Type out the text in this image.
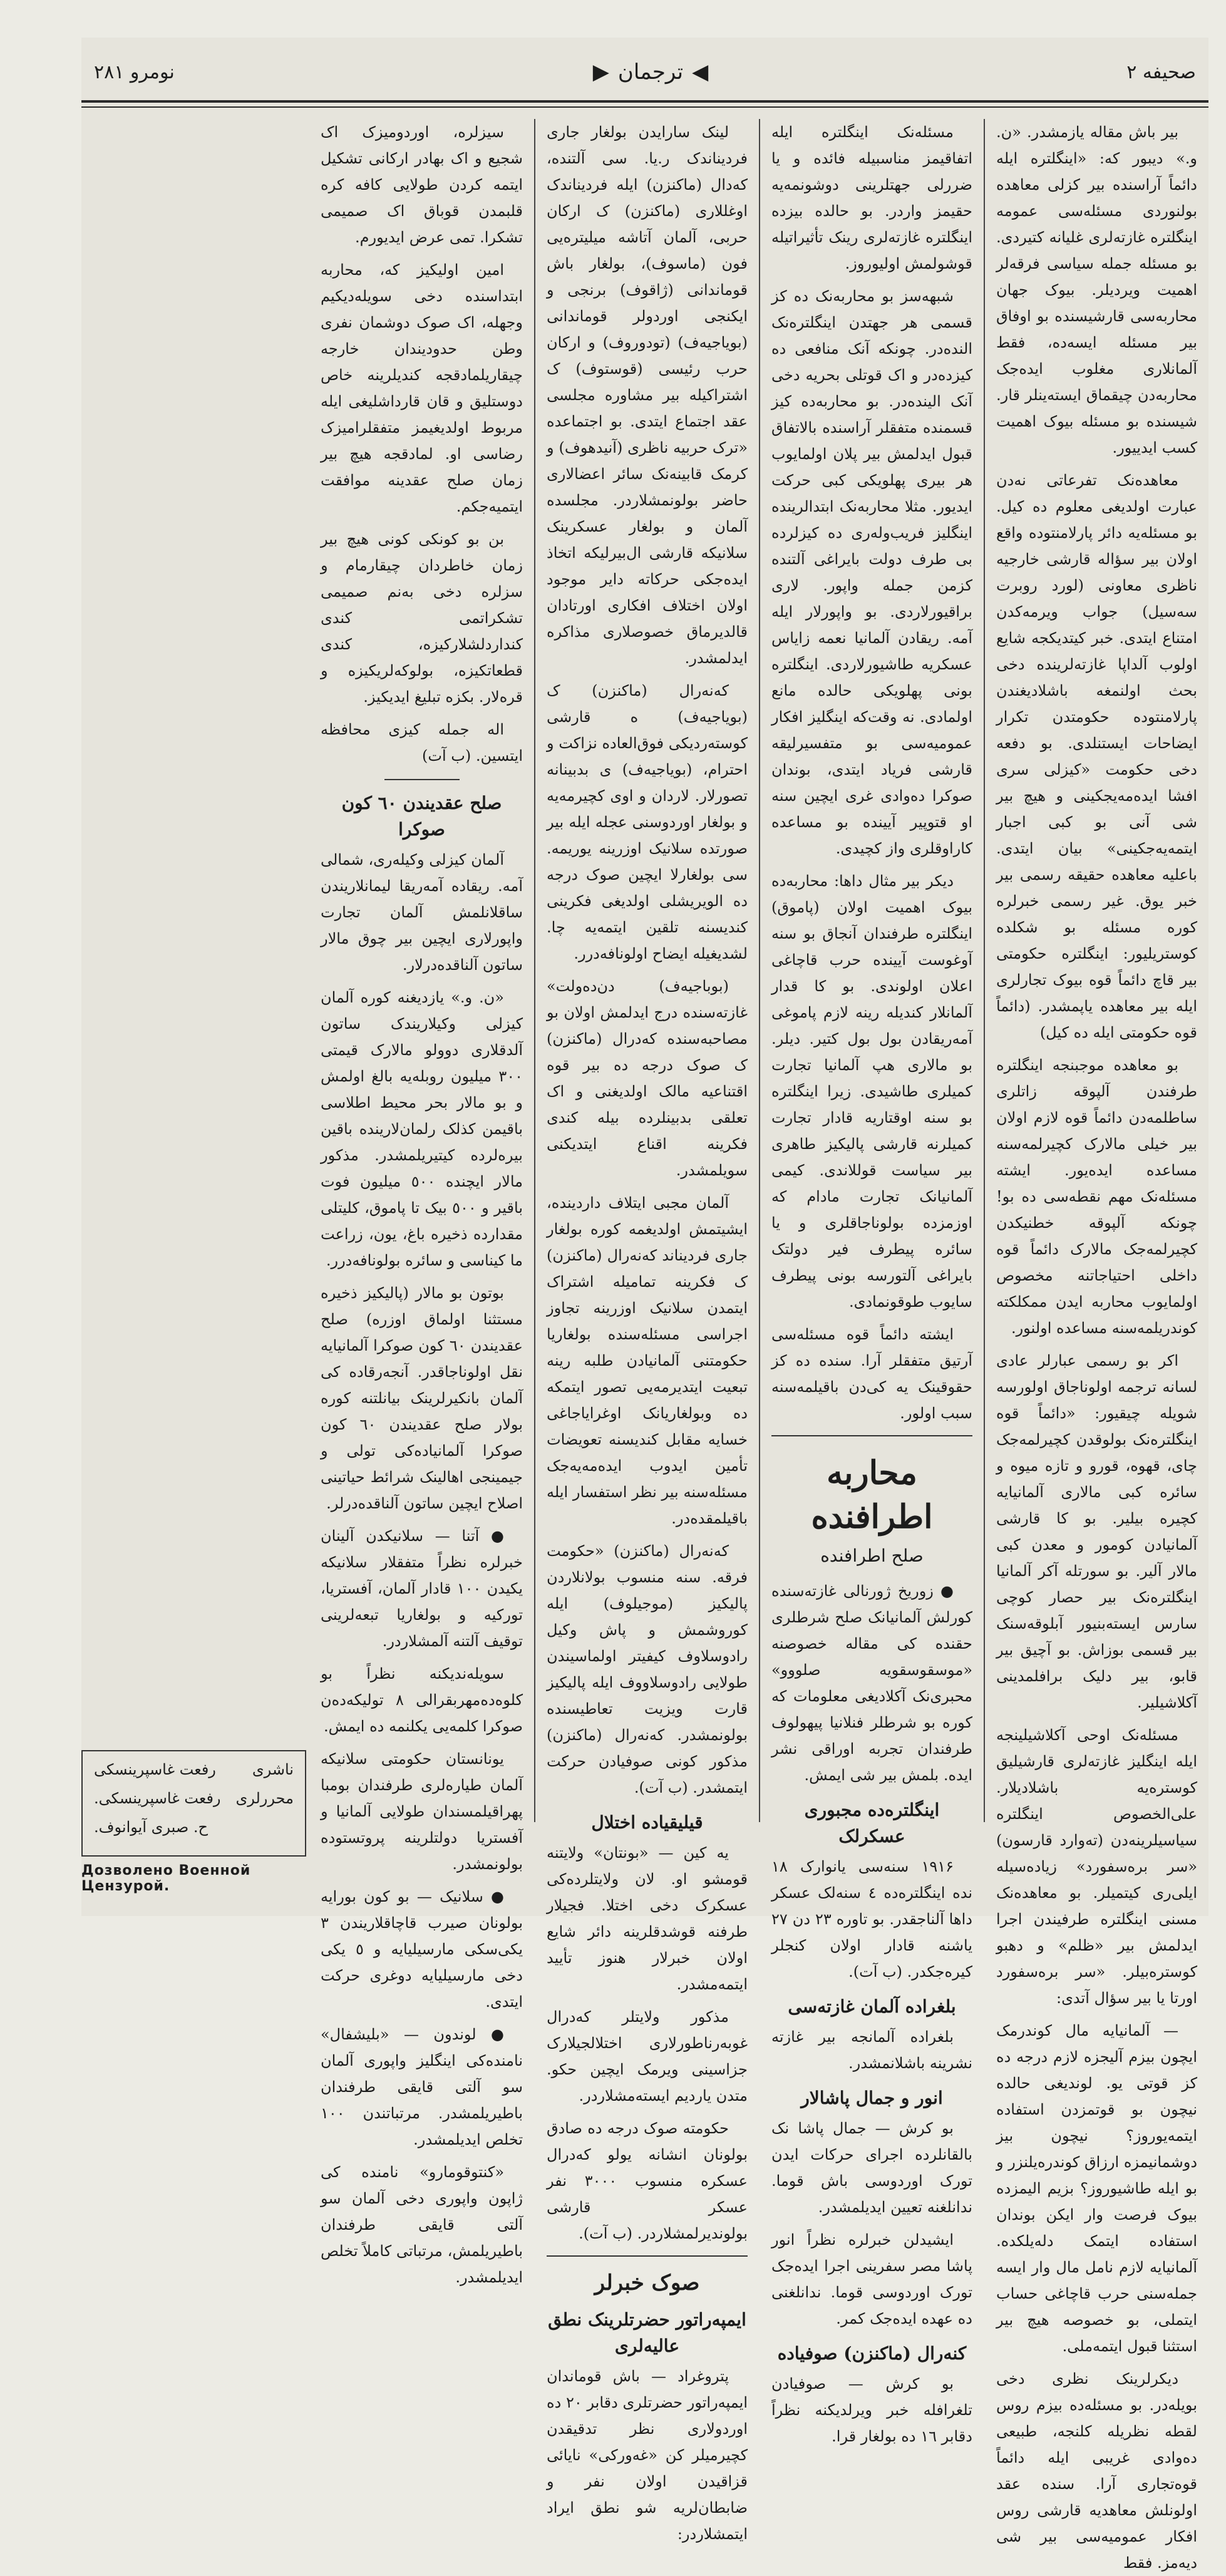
صحیفه ۲
◀
ترجمان
▶
نومرو ۲۸۱

بیر باش مقاله یازمشدر. «ن. و.» دیبور که: «اینگلتره ایله دائماً آراسنده بیر کزلی معاهده بولنوردی مسئله‌سی عمومه اینگلتره غازته‌لری غلیانه کتیردی. بو مسئله جمله سیاسی فرقه‌لر اهمیت ویردیلر. بیوک جهان محاربه‌سی قارشیسنده بو اوفاق بیر مسئله ایسه‌ده، فقط آلمانلاری مغلوب ایده‌جک محاربه‌دن چیقماق ایسته‌ینلر قار. شیسنده بو مسئله بیوک اهمیت کسب ایدییور.

معاهده‌نک تفرعاتی نه‌دن عبارت اولدیغی معلوم ده کیل. بو مسئله‌یه دائر پارلامنتوده واقع اولان بیر سؤاله قارشی خارجیه ناظری معاونی (لورد روبرت سه‌سیل) جواب ویرمه‌کدن امتناع ایتدی. خبر کیتدیکجه شایع اولوب آلداپا غازته‌لرینده دخی بحث اولنمغه باشلادیغندن پارلامنتوده حکومتدن تکرار ایضاحات ایستنلدی. بو دفعه دخی حکومت «کیزلی سری افشا ایده‌مه‌یجکینی و هیچ بیر شی آنی بو کبی اجبار ایتمه‌یه‌جکینی» بیان ایتدی. باعلیه معاهده حقیقه رسمی بیر خبر یوق. غیر رسمی خبرلره کوره مسئله بو شکلده کوستریلیور: اینگلتره حکومتی بیر قاچ دائماً قوه بیوک تجارلری ایله بیر معاهده یاپمشدر. (دائماً قوه حکومتی ایله ده کیل)

بو معاهده موجبنجه اینگلتره طرفندن آلپوقه زاتلری ساطلمه‌دن دائماً قوه لازم اولان بیر خیلی مالارک کچیرلمه‌سنه مساعده ایده‌یور. ایشته مسئله‌نک مهم نقطه‌سی ده بو! چونکه آلپوقه خطنیکدن کچیرلمه‌جک مالارک دائماً قوه داخلی احتیاجاتنه مخصوص اولمایوب محاربه ایدن ممکلکته کوندریلمه‌سنه مساعده اولنور.

اکر بو رسمی عبارلر عادی لسانه ترجمه اولوناجاق اولورسه شویله چیقیور: «دائماً قوه اینگلتره‌نک بولوقدن کچیرلمه‌جک چای، قهوه، قورو و تازه میوه و سائره کبی مالاری آلمانیایه کچیره بیلیر. بو کا قارشی آلمانیادن کومور و معدن کبی مالار آلیر. بو سورتله آکر آلمانیا اینگلتره‌نک بیر حصار کوچی سارس ایسته‌بنیور آبلوقه‌سنک بیر قسمی بوزاش. بو آچیق بیر قابو، بیر دلیک برافلمدینی آکلاشیلیر.

مسئله‌نک اوحی آکلاشیلینجه ایله اینگلیز غازته‌لری قارشیلیق کوستره‌یه باشلادیلار. علی‌الخصوص اینگلتره سیاسیلرینه‌دن (ته‌وارد قارسون) «سر بره‌سفورد» زیاده‌سیله ایلی‌ری کیتمیلر. بو معاهده‌نک مسنی اینگلتره طرفیندن اجرا ایدلمش بیر «ظلم» و دهبو کوستره‌بیلر. «سر بره‌سفورد اورتا یا بیر سؤال آتدی:

— آلمانیایه مال کوندرمک ایچون بیزم آلیجزه لازم درجه ده کز قوتی یو. لوندیغی حالده نیچون بو قوتمزدن استفاده ایتمه‌یوروز؟ نیچون بیز دوشمانیمزه ارزاق کوندره‌یلنزر و بو ایله طاشیوروز؟ بزیم الیمزده بیوک فرصت وار ایکن بوندان استفاده ایتمک دله‌یلکده. آلمانیایه لازم نامل مال وار ایسه جمله‌سنی حرب قاچاغی حساب ایتملی، بو خصوصه هیچ بیر استثنا قبول ایتمه‌ملی.

دیکرلرینک نظری دخی بویله‌در. بو مسئله‌ده بیزم روس لقطه نظریله کلنجه، طبیعی ده‌وادی غریبی ایله دائماً قوه‌تجاری آرا. سنده عقد اولونلش معاهدیه قارشی روس افکار عمومیه‌سی بیر شی دیه‌مز. فقط

مسئله‌نک اینگلتره ایله اتفاقیمز مناسبیله فائده و یا ضررلی جهتلرینی دوشونمه‌یه حقیمز واردر. بو حالده بیزده اینگلتره غازته‌لری رینک تأثیراتیله قوشولمش اولیوروز.

شبهه‌سز بو محاربه‌نک ده کز قسمی هر جهتدن اینگلتره‌نک النده‌در. چونکه آنک منافعی ده کیزده‌در و اک قوتلی بحریه دخی آنک الینده‌در. بو محاربه‌ده کیز قسمنده متفقلر آراسنده بالاتفاق قبول ایدلمش بیر پلان اولمایوب هر بیری پهلویکی کبی حرکت ایدیور. مثلا محاربه‌نک ابتدالرینده اینگلیز فریب‌وله‌ری ده کیزلرده بی طرف دولت بایراغی آلتنده کزمن جمله واپور. لاری براقیورلاردی. بو واپورلار ایله آمه. ریقادن آلمانیا نعمه زایاس عسکریه طاشیورلاردی. اینگلتره بونی پهلویکی حالده مانع اولمادی. نه وقت‌که اینگلیز افکار عمومیه‌سی بو متفسیرلیقه قارشی فریاد ایتدی، بوندان صوکرا ده‌وادی غری ایچین سنه او قتوپیر آیینده بو مساعده کاراوقلری واز کچیدی.

دیکر بیر مثال داها: محاربه‌ده بیوک اهمیت اولان (پاموق) اینگلتره طرفندان آنجاق بو سنه آوغوست آیینده حرب قاچاغی اعلان اولوندی. بو کا قدار آلمانلار کندیله رینه لازم پاموغی آمه‌ریقادن بول بول کتیر. دیلر. بو مالاری هپ آلمانیا تجارت کمیلری طاشیدی. زیرا اینگلتره بو سنه اوقتاریه قادار تجارت کمیلرنه قارشی پالیکیز طاهری بیر سیاست قوللاندی. کیمی آلمانیانک تجارت مادام که اوزمزده بولوناجاقلری و یا سائره پیطرف فیر دولتک بایراغی آلتورسه بونی پیطرف سایوب طوقونمادی.

ایشته دائماً قوه مسئله‌سی آرتیق متفقلر آرا. سنده ده کز حقوقینک یه کی‌دن باقیلمه‌سنه سبب اولور.

محاربه اطرافنده
صلح اطرافنده

● زوریخ ژورنالی غازته‌سنده کورلش آلمانیانک صلح شرطلری حقنده کی مقاله خصوصنه «موسقوسقویه صلووو» محبری‌نک آکلادیغی معلومات که کوره بو شرطلر فنلانیا پیهولوف طرفندان تجربه اوراقی نشر ایده. بلمش بیر شی ایمش.

اینگلتره‌ده مجبوری عسکرلک

۱۹۱۶ سنه‌سی یانوارک ۱۸ نده اینگلتره‌ده ٤ سنه‌لک عسکر داها آلناجقدر. بو تاوره ٢٣ دن ٢٧ یاشنه قادار اولان کنجلر کیره‌جکدر. (ب آت).

بلغراده آلمان غازته‌سی

بلغراده آلمانجه بیر غازته نشرینه باشلانمشدر.

انور و جمال پاشالار

بو کرش — جمال پاشا نک بالقانلرده اجرای حرکات ایدن تورک اوردوسی باش قوما. ندانلغنه تعیین ایدیلمشدر.

ایشیدلن خبرلره نظراً انور پاشا مصر سفرینی اجرا ایده‌جک تورک اوردوسی قوما. ندانلغنی ده عهده ایده‌جک کمر.

کنه‌رال (ماکنزن) صوفیاده

بو کرش — صوفیادن تلغرافله خبر ویرلدیکنه نظراً دقابر ۱٦ ده بولغار قرا.

لینک سارایدن بولغار جاری فردیناندک ر.یا. سی آلتنده، که‌دال (ماکنزن) ایله فردیناندک اوغللاری (ماکنزن) ک ارکان حربی، آلمان آتاشه میلیتره‌یی فون (ماسوف)، بولغار باش قوماندانی (ژاقوف) برنجی و ایکنجی اوردولر قوماندانی (بویاجیه‌ف) (تودوروف) و ارکان حرب رئیسی (قوستوف) ک اشتراکیله بیر مشاوره مجلسی عقد اجتماع ایتدی. بو اجتماعده «ترک حربیه ناظری (آنیدهوف) و کرمک قابینه‌نک سائر اعضالاری حاضر بولونمشلاردر. مجلسده آلمان و بولغار عسکرینک سلانیکه قارشی ال‌بیرلیکه اتخاذ ایده‌جکی حرکاته دایر موجود اولان اختلاف افکاری اورتادان قالدیرماق خصوصلاری مذاکره ایدلمشدر.

که‌نه‌رال (ماکنزن) ک (بویاجیه‌ف) ه قارشی کوسته‌ردیکی فوق‌العاده نزاکت و احترام، (بویاجیه‌ف) ی بدبینانه تصورلار. لاردان و اوی کچیرمه‌یه و بولغار اوردوسنی عجله ایله بیر صورتده سلانیک اوزرینه یوریمه. سی بولغارلا ایچین صوک درجه ده الویریشلی اولدیغی فکرینی کندیسنه تلقین ایتمه‌یه چا. لشدیغیله ایضاح اولونافه‌درر.

(بوباجیه‌ف) دن‌ده‌ولت» غازته‌سنده درج ایدلمش اولان بو مصاحبه‌سنده که‌درال (ماکنزن) ک صوک درجه ده بیر قوه اقتناعیه مالک اولدیغنی و اک تعلقی بدبینلرده بیله کندی فکرینه اقناع ایتدیکنی سویلمشدر.

آلمان مجبی ایتلاف داردینده، ایشیتمش اولدیغمه کوره بولغار جاری فردیناند که‌نه‌رال (ماکنزن) ک فکرینه تمامیله اشتراک ایتمدن سلانیک اوزرینه تجاوز اجراسی مسئله‌سنده بولغاریا حکومتنی آلمانیادن طلبه رینه تبعیت ایتدیرمه‌یی تصور ایتمکه ده وبولغاریانک اوغرایاجاغی خسایه مقابل کندیسنه تعویضات تأمین ایدوب ایده‌مه‌یه‌جک مسئله‌سنه بیر نظر استفسار ایله باقیلمقده‌در.

که‌نه‌رال (ماکنزن) «حکومت فرقه. سنه منسوب بولانلاردن پالیکیز (موجیلوف) ایله کوروشمش و پاش وکیل رادوسلاوف کیفیتر اولماسیندن طولایی رادوسلاووف ایله پالیکیز قارت ویزیت تعاطیسنده بولونمشدر. که‌نه‌رال (ماکنزن) مذکور کونی صوفیادن حرکت ایتمشدر. (ب آت).

قیلیقیاده اختلال

یه کین — «بونتان» ولایتنه قومشو او. لان ولایتلرده‌کی عسکرک دخی اختلا. فجیلار طرفنه قوشدقلرینه دائر شایع اولان خبرلار هنوز تأیید ایتمه‌مشدر.

مذکور ولایتلر که‌درال غوبه‌رناطورلاری اختلالجیلارک جزاسینی ویرمک ایچین حکو. متدن یاردیم ایسته‌مشلاردر.

حکومته صوک درجه ده صادق بولونان انشانه یولو که‌درال عسکره منسوب ۳۰۰۰ نفر عسکر قارشی بولوندیرلمشلاردر. (ب آت).

صوک خبرلر
ایمپه‌راتور حضرتلرینک نطق عالیه‌لری

پتروغراد — باش قوماندان ایمپه‌راتور حضرتلری دقابر ۲۰ ده اوردولاری نظر تدقیقدن کچیرمیلر کن «غه‌ورکی» نایائی قزاقیدن اولان نفر و ضابطان‌لریه شو نطق ایراد ایتمشلاردر:

سیزلره، اوردومیزک اک شجیع و اک بهادر ارکانی تشکیل ایتمه کردن طولایی کافه کره قلبمدن قوباق اک صمیمی تشکرا. تمی عرض ایدیورم.

امین اولیکیز که، محاربه ابتداسنده دخی سویله‌دیکیم وجهله، اک صوک دوشمان نفری وطن حدودیندان خارجه چیقاریلمادقجه کندیلرینه خاص دوستلیق و قان قارداشلیغی ایله مربوط اولدیغیمز متفقلرامیزک رضاسی او. لمادقجه هیچ بیر زمان صلح عقدینه موافقت ایتمیه‌جکم.

بن بو کونکی کونی هیچ بیر زمان خاطردان چیقارمام و سزلره دخی به‌نم صمیمی تشکراتمی کندی کنداردلشلارکیزه، کندی قطعاتکیزه، بولوکه‌لریکیزه و قره‌لار. بکزه تبلیغ ایدیکیز.

اله جمله کیزی محافظه ایتسین. (ب آت)

صلح عقدیندن ٦٠ کون صوکرا

آلمان کیزلی وکیله‌ری، شمالی آمه. ریقاده آمه‌ریقا لیمانلاریندن ساقلانلمش آلمان تجارت واپورلاری ایچین بیر چوق مالار ساتون آلناقده‌درلار.

«ن. و.» یازدیغنه کوره آلمان کیزلی وکیلاریندک ساتون آلدقلاری دوولو مالارک قیمتی ۳۰۰ میلیون روبله‌یه بالغ اولمش و بو مالار بحر محیط اطلاسی باقیمن کذلک رلمان‌لارینده باقین بیره‌لرده کیتیریلمشدر. مذکور مالار ایچنده ٥۰۰ میلیون فوت باقیر و ٥۰۰ بیک تا پاموق، کلیتلی مقدارده ذخیره باغ، یون، زراعت ما کیناسی و سائره بولونافه‌درر.

بوتون بو مالار (پالیکیز ذخیره مستثنا اولماق اوزره) صلح عقدیندن ٦۰ کون صوکرا آلمانیایه نقل اولوناجاقدر. آنجه‌رقاده کی آلمان بانکیرلرینک بیانلتنه کوره بولار صلح عقدیندن ٦۰ کون صوکرا آلمانیاده‌کی تولی و جیمینجی اهالینک شرائط حیاتینی اصلاح ایچین ساتون آلناقده‌درلر.

● آتنا — سلانیکدن آلینان خبرلره نظراً متفقلار سلانیکه یکیدن ۱۰۰ قادار آلمان، آفستریا، تورکیه و بولغاریا تبعه‌لرینی توقیف آلتنه آلمشلاردر.

سویله‌ندیکنه نظراً بو کلوه‌ده‌مهربقرالی ۸ تولیکه‌ده‌ن صوکرا کلمه‌یی یکلنمه ده ایمش.

یونانستان حکومتی سلانیکه آلمان طیاره‌لری طرفندان بومبا پهراقیلمسندان طولایی آلمانیا و آفستریا دولتلرینه پروتستوده بولونمشدر.

● سلانیک — بو کون بورایه بولونان صیرب قاچاقلاریندن ۳ یکی‌سکی مارسیلیایه و ٥ یکی دخی مارسیلیایه دوغری حرکت ایتدی.

● لوندون — «بلیشفال» نامنده‌کی اینگلیز واپوری آلمان سو آلتی قایقی طرفندان باطیریلمشدر. مرتباتندن ۱۰۰ تخلص ایدیلمشدر.

«کنتوقومارو» نامنده کی ژاپون واپوری دخی آلمان سو آلتی قایقی طرفندان باطیریلمش، مرتباتی کاملاً تخلص ایدیلمشدر.

ناشری
رفعت غاسپرینسکی
محررلری
رفعت غاسپرینسکی.
ح. صبری آیوانوف.
Дозволено Военной Цензурой.
